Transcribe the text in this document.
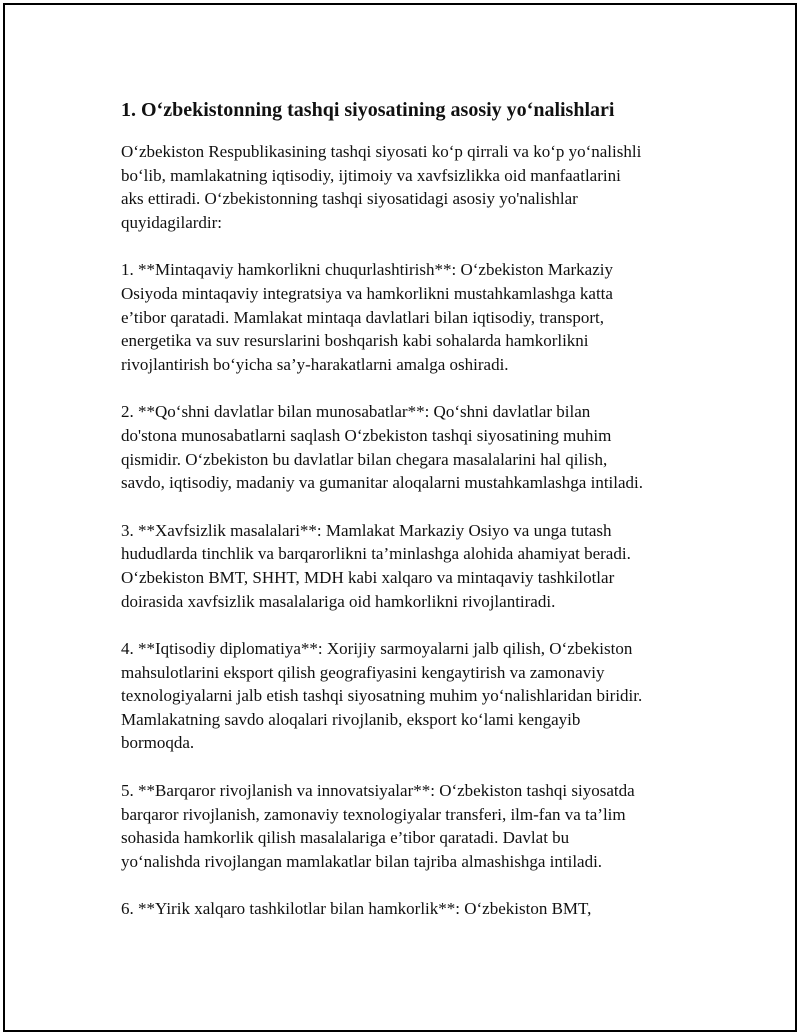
1. O‘zbekistonning tashqi siyosatining asosiy yo‘nalishlari

O‘zbekiston Respublikasining tashqi siyosati ko‘p qirrali va ko‘p yo‘nalishli
bo‘lib, mamlakatning iqtisodiy, ijtimoiy va xavfsizlikka oid manfaatlarini
aks ettiradi. O‘zbekistonning tashqi siyosatidagi asosiy yo'nalishlar
quyidagilardir:

1. **Mintaqaviy hamkorlikni chuqurlashtirish**: O‘zbekiston Markaziy
Osiyoda mintaqaviy integratsiya va hamkorlikni mustahkamlashga katta
e’tibor qaratadi. Mamlakat mintaqa davlatlari bilan iqtisodiy, transport,
energetika va suv resurslarini boshqarish kabi sohalarda hamkorlikni
rivojlantirish bo‘yicha sa’y-harakatlarni amalga oshiradi.

2. **Qo‘shni davlatlar bilan munosabatlar**: Qo‘shni davlatlar bilan
do'stona munosabatlarni saqlash O‘zbekiston tashqi siyosatining muhim
qismidir. O‘zbekiston bu davlatlar bilan chegara masalalarini hal qilish,
savdo, iqtisodiy, madaniy va gumanitar aloqalarni mustahkamlashga intiladi.

3. **Xavfsizlik masalalari**: Mamlakat Markaziy Osiyo va unga tutash
hududlarda tinchlik va barqarorlikni ta’minlashga alohida ahamiyat beradi.
O‘zbekiston BMT, SHHT, MDH kabi xalqaro va mintaqaviy tashkilotlar
doirasida xavfsizlik masalalariga oid hamkorlikni rivojlantiradi.

4. **Iqtisodiy diplomatiya**: Xorijiy sarmoyalarni jalb qilish, O‘zbekiston
mahsulotlarini eksport qilish geografiyasini kengaytirish va zamonaviy
texnologiyalarni jalb etish tashqi siyosatning muhim yo‘nalishlaridan biridir.
Mamlakatning savdo aloqalari rivojlanib, eksport ko‘lami kengayib
bormoqda.

5. **Barqaror rivojlanish va innovatsiyalar**: O‘zbekiston tashqi siyosatda
barqaror rivojlanish, zamonaviy texnologiyalar transferi, ilm-fan va ta’lim
sohasida hamkorlik qilish masalalariga e’tibor qaratadi. Davlat bu
yo‘nalishda rivojlangan mamlakatlar bilan tajriba almashishga intiladi.

6. **Yirik xalqaro tashkilotlar bilan hamkorlik**: O‘zbekiston BMT,
